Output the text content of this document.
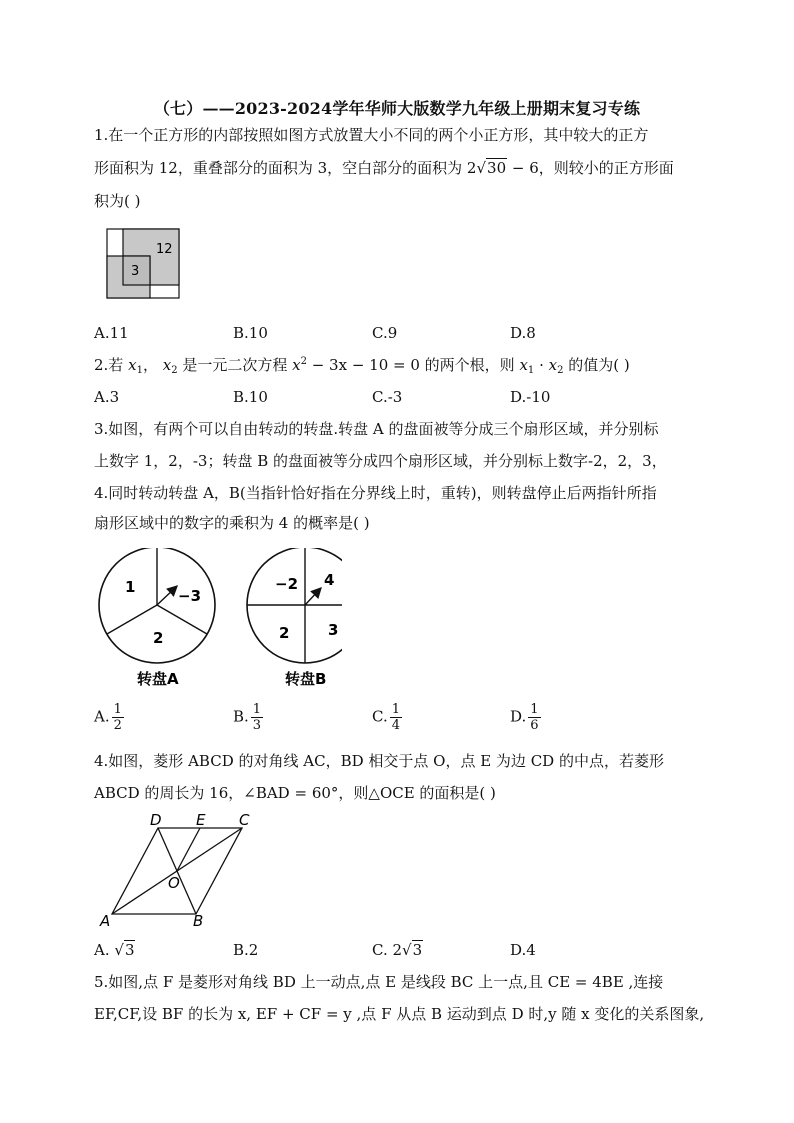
（七）——2023-2024学年华师大版数学九年级上册期末复习专练
1.在一个正方形的内部按照如图方式放置大小不同的两个小正方形，其中较大的正方
形面积为 12，重叠部分的面积为 3，空白部分的面积为 2√30 − 6，则较小的正方形面
积为( )
12
3
A.11	B.10	C.9	D.8
2.若 $x_1$， $x_2$ 是一元二次方程 $x^2 - 3x - 10 = 0$ 的两个根，则 $x_1 \cdot x_2$ 的值为( )
A.3	B.10	C.-3	D.-10
3.如图，有两个可以自由转动的转盘.转盘 A 的盘面被等分成三个扇形区域，并分别标
上数字 1，2，-3；转盘 B 的盘面被等分成四个扇形区域，并分别标上数字-2，2，3，
4.同时转动转盘 A，B(当指针恰好指在分界线上时，重转)，则转盘停止后两指针所指
扇形区域中的数字的乘积为 4 的概率是( )
1	−3
2
转盘A
−2 4
2	3
转盘B
A. $\frac{1}{2}$	B. $\frac{1}{3}$	C. $\frac{1}{4}$	D. $\frac{1}{6}$
4.如图，菱形 ABCD 的对角线 AC，BD 相交于点 O，点 E 为边 CD 的中点，若菱形
ABCD 的周长为 16，∠BAD = 60°，则△OCE 的面积是( )
D E C
O
A	B
A. √3	B.2	C. 2√3	D.4
5.如图,点 F 是菱形对角线 BD 上一动点,点 E 是线段 BC 上一点,且 CE = 4BE ,连接
EF,CF,设 BF 的长为 x, EF + CF = y ,点 F 从点 B 运动到点 D 时,y 随 x 变化的关系图象,
